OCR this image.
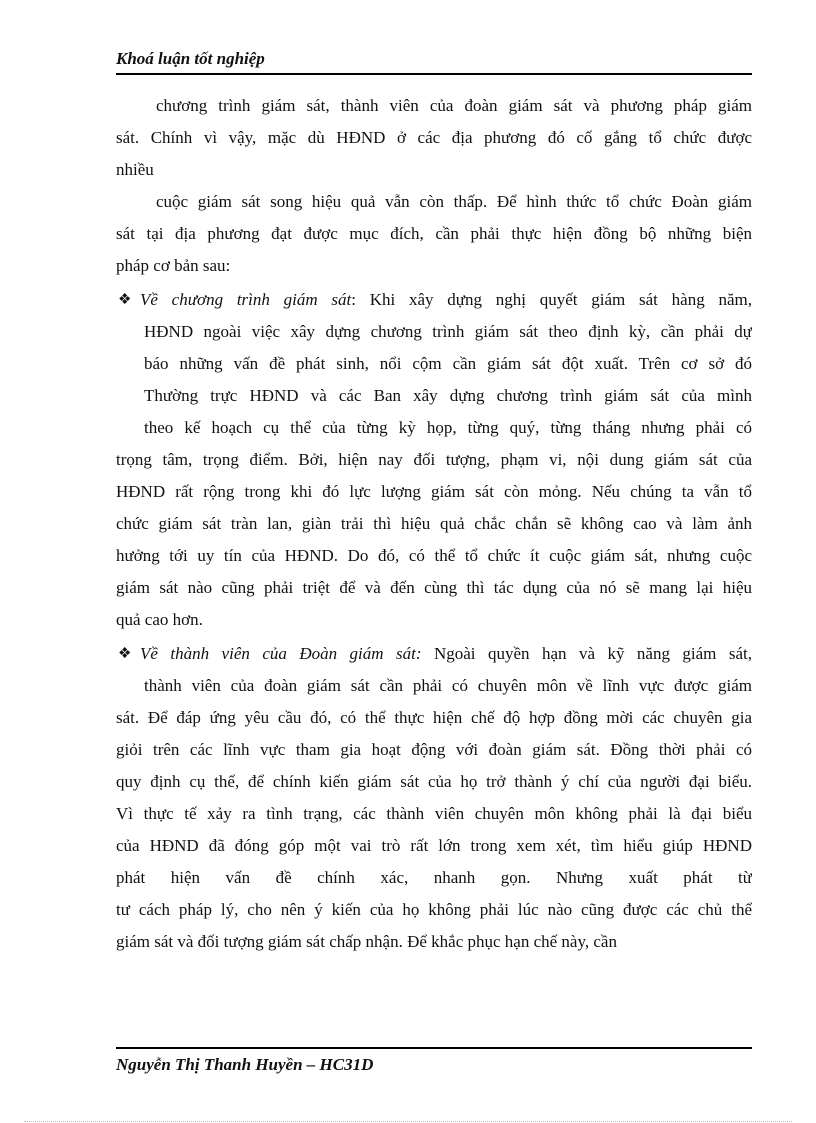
Khoá luận tốt nghiệp
chương trình giám sát, thành viên của đoàn giám sát và phương pháp giám
sát. Chính vì vậy, mặc dù HĐND ở các địa phương đó cố gắng tổ chức được
nhiều
cuộc giám sát song hiệu quả vẫn còn thấp. Để hình thức tổ chức Đoàn giám
sát tại địa phương đạt được mục đích, cần phải thực hiện đồng bộ những biện
pháp cơ bản sau:
❖ Về chương trình giám sát: Khi xây dựng nghị quyết giám sát hàng năm,
HĐND ngoài việc xây dựng chương trình giám sát theo định kỳ, cần phải dự
báo những vấn đề phát sinh, nổi cộm cần giám sát đột xuất. Trên cơ sở đó
Thường trực HĐND và các Ban xây dựng chương trình giám sát của mình
theo kế hoạch cụ thể của từng kỳ họp, từng quý, từng tháng nhưng phải có
trọng tâm, trọng điểm. Bởi, hiện nay đối tượng, phạm vi, nội dung giám sát của
HĐND rất rộng trong khi đó lực lượng giám sát còn mỏng. Nếu chúng ta vẫn tổ
chức giám sát tràn lan, giàn trải thì hiệu quả chắc chắn sẽ không cao và làm ảnh
hưởng tới uy tín của HĐND. Do đó, có thể tổ chức ít cuộc giám sát, nhưng cuộc
giám sát nào cũng phải triệt để và đến cùng thì tác dụng của nó sẽ mang lại hiệu
quả cao hơn.
❖ Về thành viên của Đoàn giám sát: Ngoài quyền hạn và kỹ năng giám sát,
thành viên của đoàn giám sát cần phải có chuyên môn về lĩnh vực được giám
sát. Để đáp ứng yêu cầu đó, có thể thực hiện chế độ hợp đồng mời các chuyên gia
giỏi trên các lĩnh vực tham gia hoạt động với đoàn giám sát. Đồng thời phải có
quy định cụ thể, để chính kiến giám sát của họ trở thành ý chí của người đại biểu.
Vì thực tế xảy ra tình trạng, các thành viên chuyên môn không phải là đại biểu
của HĐND đã đóng góp một vai trò rất lớn trong xem xét, tìm hiểu giúp HĐND
phát hiện vấn đề chính xác, nhanh gọn. Nhưng xuất phát từ
tư cách pháp lý, cho nên ý kiến của họ không phải lúc nào cũng được các chủ thể
giám sát và đối tượng giám sát chấp nhận. Để khắc phục hạn chế này, cần
Nguyễn Thị Thanh Huyền – HC31D
